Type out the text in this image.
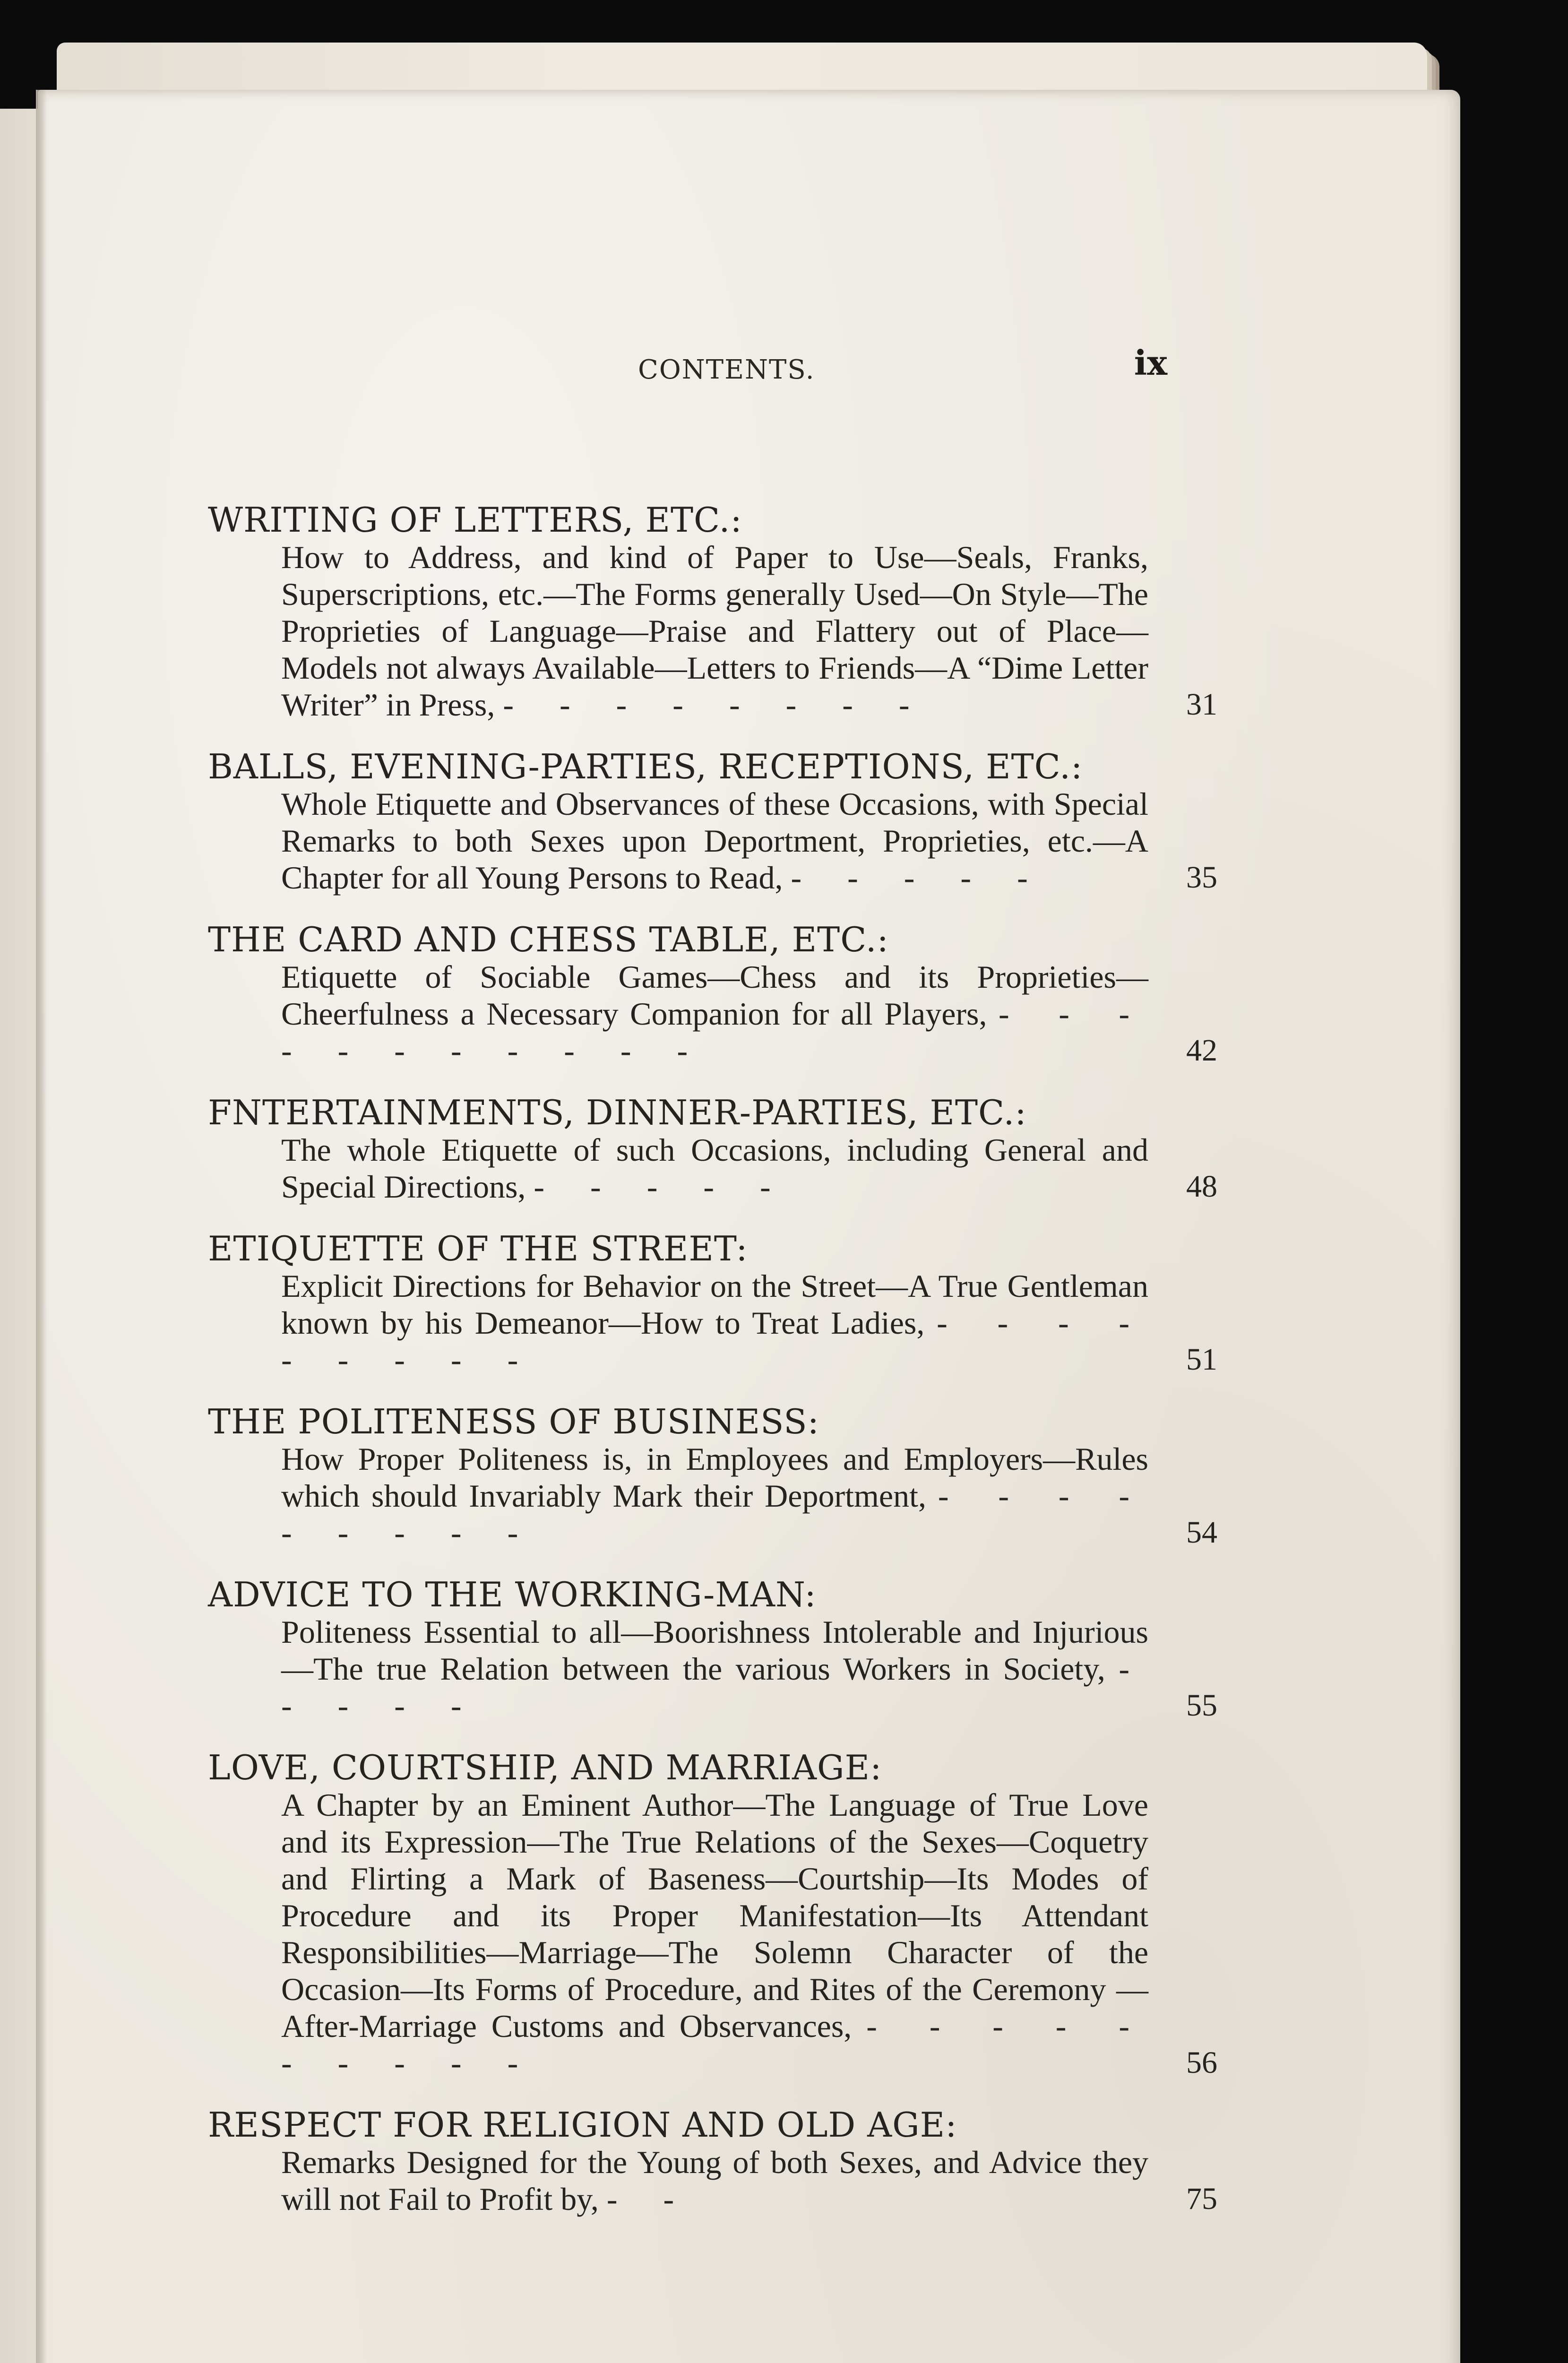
CONTENTS.	ix
WRITING OF LETTERS, ETC.:
How to Address, and kind of Paper to Use—Seals, Franks, Superscriptions, etc.—The Forms generally Used—On Style—The Proprieties of Language—Praise and Flattery out of Place—Models not always Available—Letters to Friends—A “Dime Letter Writer” in Press, - - - - - - - -	31
BALLS, EVENING-PARTIES, RECEPTIONS, ETC.:
Whole Etiquette and Observances of these Occasions, with Special Remarks to both Sexes upon Deportment, Proprieties, etc.—A Chapter for all Young Persons to Read, - - - - -	35
THE CARD AND CHESS TABLE, ETC.:
Etiquette of Sociable Games—Chess and its Proprieties—Cheerfulness a Necessary Companion for all Players, - - - - - - - - - - -	42
FNTERTAINMENTS, DINNER-PARTIES, ETC.:
The whole Etiquette of such Occasions, including General and Special Directions, - - - - -	48
ETIQUETTE OF THE STREET:
Explicit Directions for Behavior on the Street—A True Gentleman known by his Demeanor—How to Treat Ladies, - - - - - - - - -	51
THE POLITENESS OF BUSINESS:
How Proper Politeness is, in Employees and Employers—Rules which should Invariably Mark their Deportment, - - - - - - - - -	54
ADVICE TO THE WORKING-MAN:
Politeness Essential to all—Boorishness Intolerable and Injurious—The true Relation between the various Workers in Society, - - - - -	55
LOVE, COURTSHIP, AND MARRIAGE:
A Chapter by an Eminent Author—The Language of True Love and its Expression—The True Relations of the Sexes—Coquetry and Flirting a Mark of Baseness—Courtship—Its Modes of Procedure and its Proper Manifestation—Its Attendant Responsibilities—Marriage—The Solemn Character of the Occasion—Its Forms of Procedure, and Rites of the Ceremony — After-Marriage Customs and Observances, - - - - - - - - - -	56
RESPECT FOR RELIGION AND OLD AGE:
Remarks Designed for the Young of both Sexes, and Advice they will not Fail to Profit by, - -	75
